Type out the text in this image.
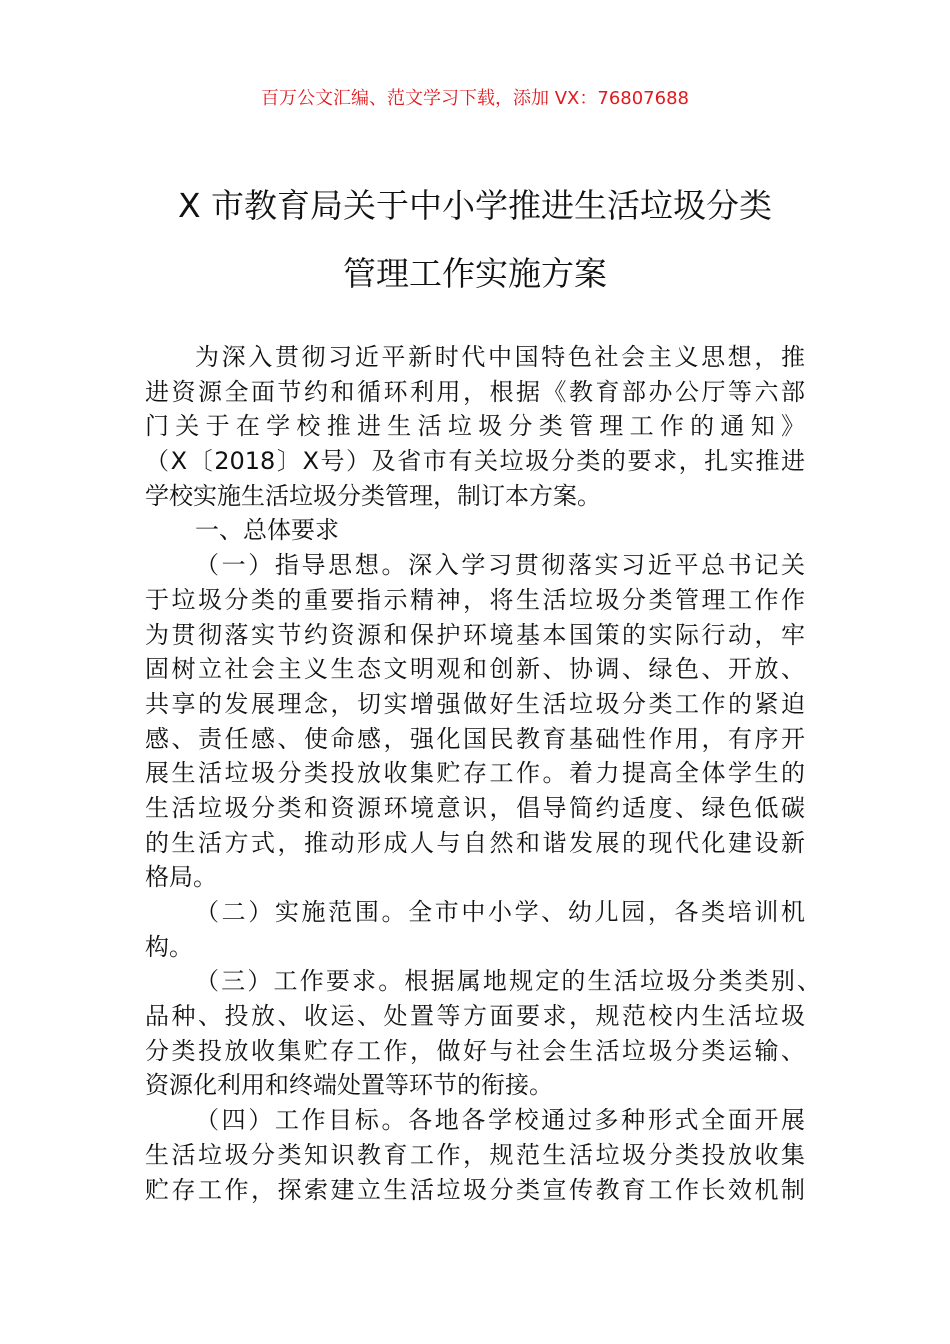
百万公文汇编、范文学习下载，添加 VX：76807688
X 市教育局关于中小学推进生活垃圾分类
管理工作实施方案
为深入贯彻习近平新时代中国特色社会主义思想，推
进资源全面节约和循环利用，根据《教育部办公厅等六部
门关于在学校推进生活垃圾分类管理工作的通知》
（X〔2018〕X号）及省市有关垃圾分类的要求，扎实推进
学校实施生活垃圾分类管理，制订本方案。
一、总体要求
（一）指导思想。深入学习贯彻落实习近平总书记关
于垃圾分类的重要指示精神，将生活垃圾分类管理工作作
为贯彻落实节约资源和保护环境基本国策的实际行动，牢
固树立社会主义生态文明观和创新、协调、绿色、开放、
共享的发展理念，切实增强做好生活垃圾分类工作的紧迫
感、责任感、使命感，强化国民教育基础性作用，有序开
展生活垃圾分类投放收集贮存工作。着力提高全体学生的
生活垃圾分类和资源环境意识，倡导简约适度、绿色低碳
的生活方式，推动形成人与自然和谐发展的现代化建设新
格局。
（二）实施范围。全市中小学、幼儿园，各类培训机
构。
（三）工作要求。根据属地规定的生活垃圾分类类别、
品种、投放、收运、处置等方面要求，规范校内生活垃圾
分类投放收集贮存工作，做好与社会生活垃圾分类运输、
资源化利用和终端处置等环节的衔接。
（四）工作目标。各地各学校通过多种形式全面开展
生活垃圾分类知识教育工作，规范生活垃圾分类投放收集
贮存工作，探索建立生活垃圾分类宣传教育工作长效机制
